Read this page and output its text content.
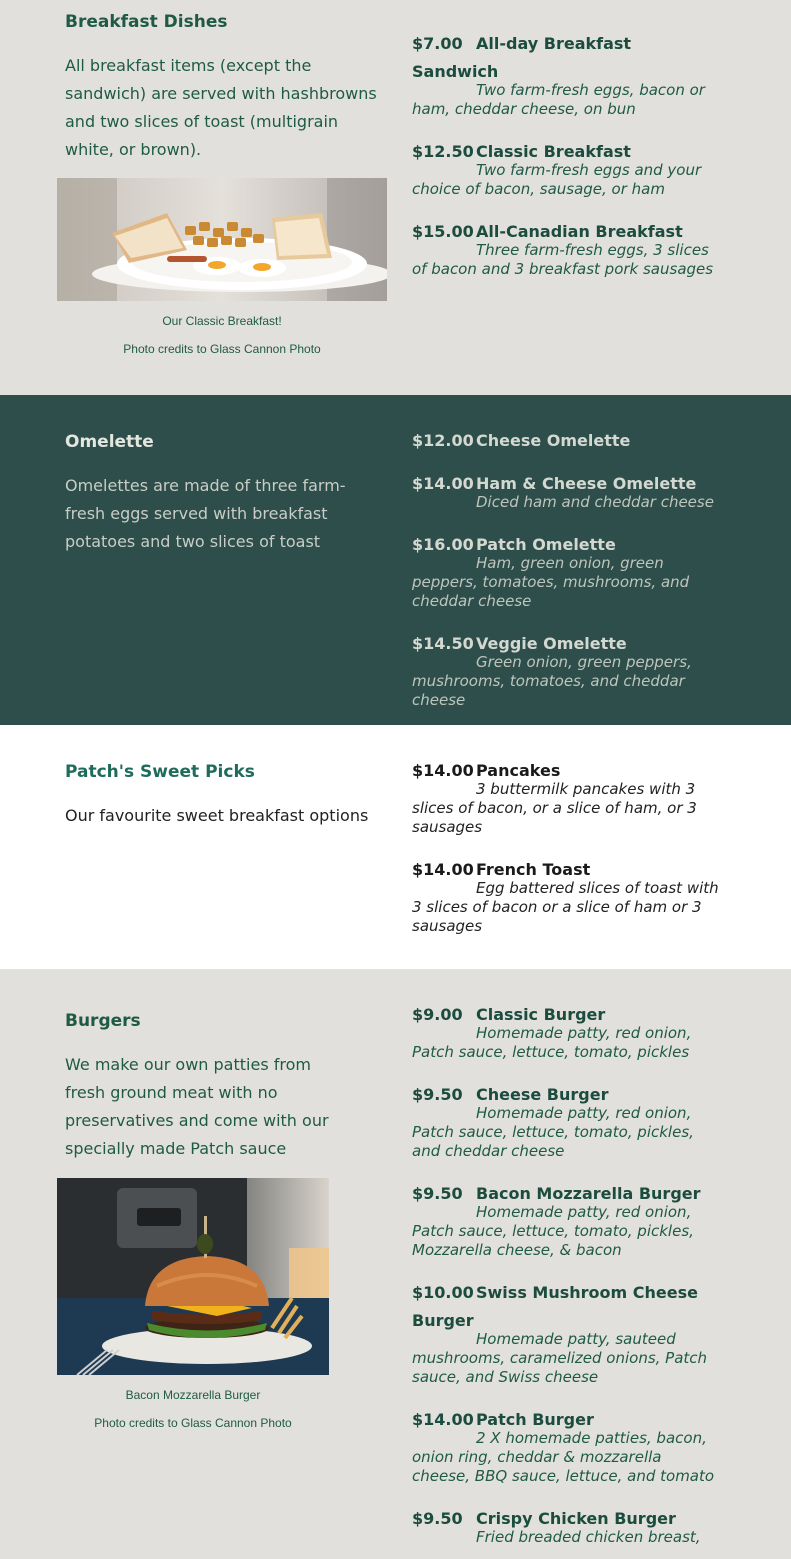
Breakfast Dishes

All breakfast items (except the sandwich) are served with hashbrowns and two slices of toast (multigrain white, or brown).

Our Classic Breakfast!
Photo credits to Glass Cannon Photo
$7.00 All-day Breakfast Sandwich
Two farm-fresh eggs, bacon or ham, cheddar cheese, on bun
$12.50 Classic Breakfast
Two farm-fresh eggs and your choice of bacon, sausage, or ham
$15.00 All-Canadian Breakfast
Three farm-fresh eggs, 3 slices of bacon and 3 breakfast pork sausages
Omelette

Omelettes are made of three farm-fresh eggs served with breakfast potatoes and two slices of toast

$12.00 Cheese Omelette
$14.00 Ham & Cheese Omelette
Diced ham and cheddar cheese
$16.00 Patch Omelette
Ham, green onion, green peppers, tomatoes, mushrooms, and cheddar cheese
$14.50 Veggie Omelette
Green onion, green peppers, mushrooms, tomatoes, and cheddar cheese
Patch's Sweet Picks

Our favourite sweet breakfast options

$14.00 Pancakes
3 buttermilk pancakes with 3 slices of bacon, or a slice of ham, or 3 sausages
$14.00 French Toast
Egg battered slices of toast with 3 slices of bacon or a slice of ham or 3 sausages
Burgers

We make our own patties from fresh ground meat with no preservatives and come with our specially made Patch sauce

Bacon Mozzarella Burger
Photo credits to Glass Cannon Photo
$9.00 Classic Burger
Homemade patty, red onion, Patch sauce, lettuce, tomato, pickles
$9.50 Cheese Burger
Homemade patty, red onion, Patch sauce, lettuce, tomato, pickles, and cheddar cheese
$9.50 Bacon Mozzarella Burger
Homemade patty, red onion, Patch sauce, lettuce, tomato, pickles, Mozzarella cheese, & bacon
$10.00 Swiss Mushroom Cheese Burger
Homemade patty, sauteed mushrooms, caramelized onions, Patch sauce, and Swiss cheese
$14.00 Patch Burger
2 X homemade patties, bacon, onion ring, cheddar & mozzarella cheese, BBQ sauce, lettuce, and tomato
$9.50 Crispy Chicken Burger
Fried breaded chicken breast,
